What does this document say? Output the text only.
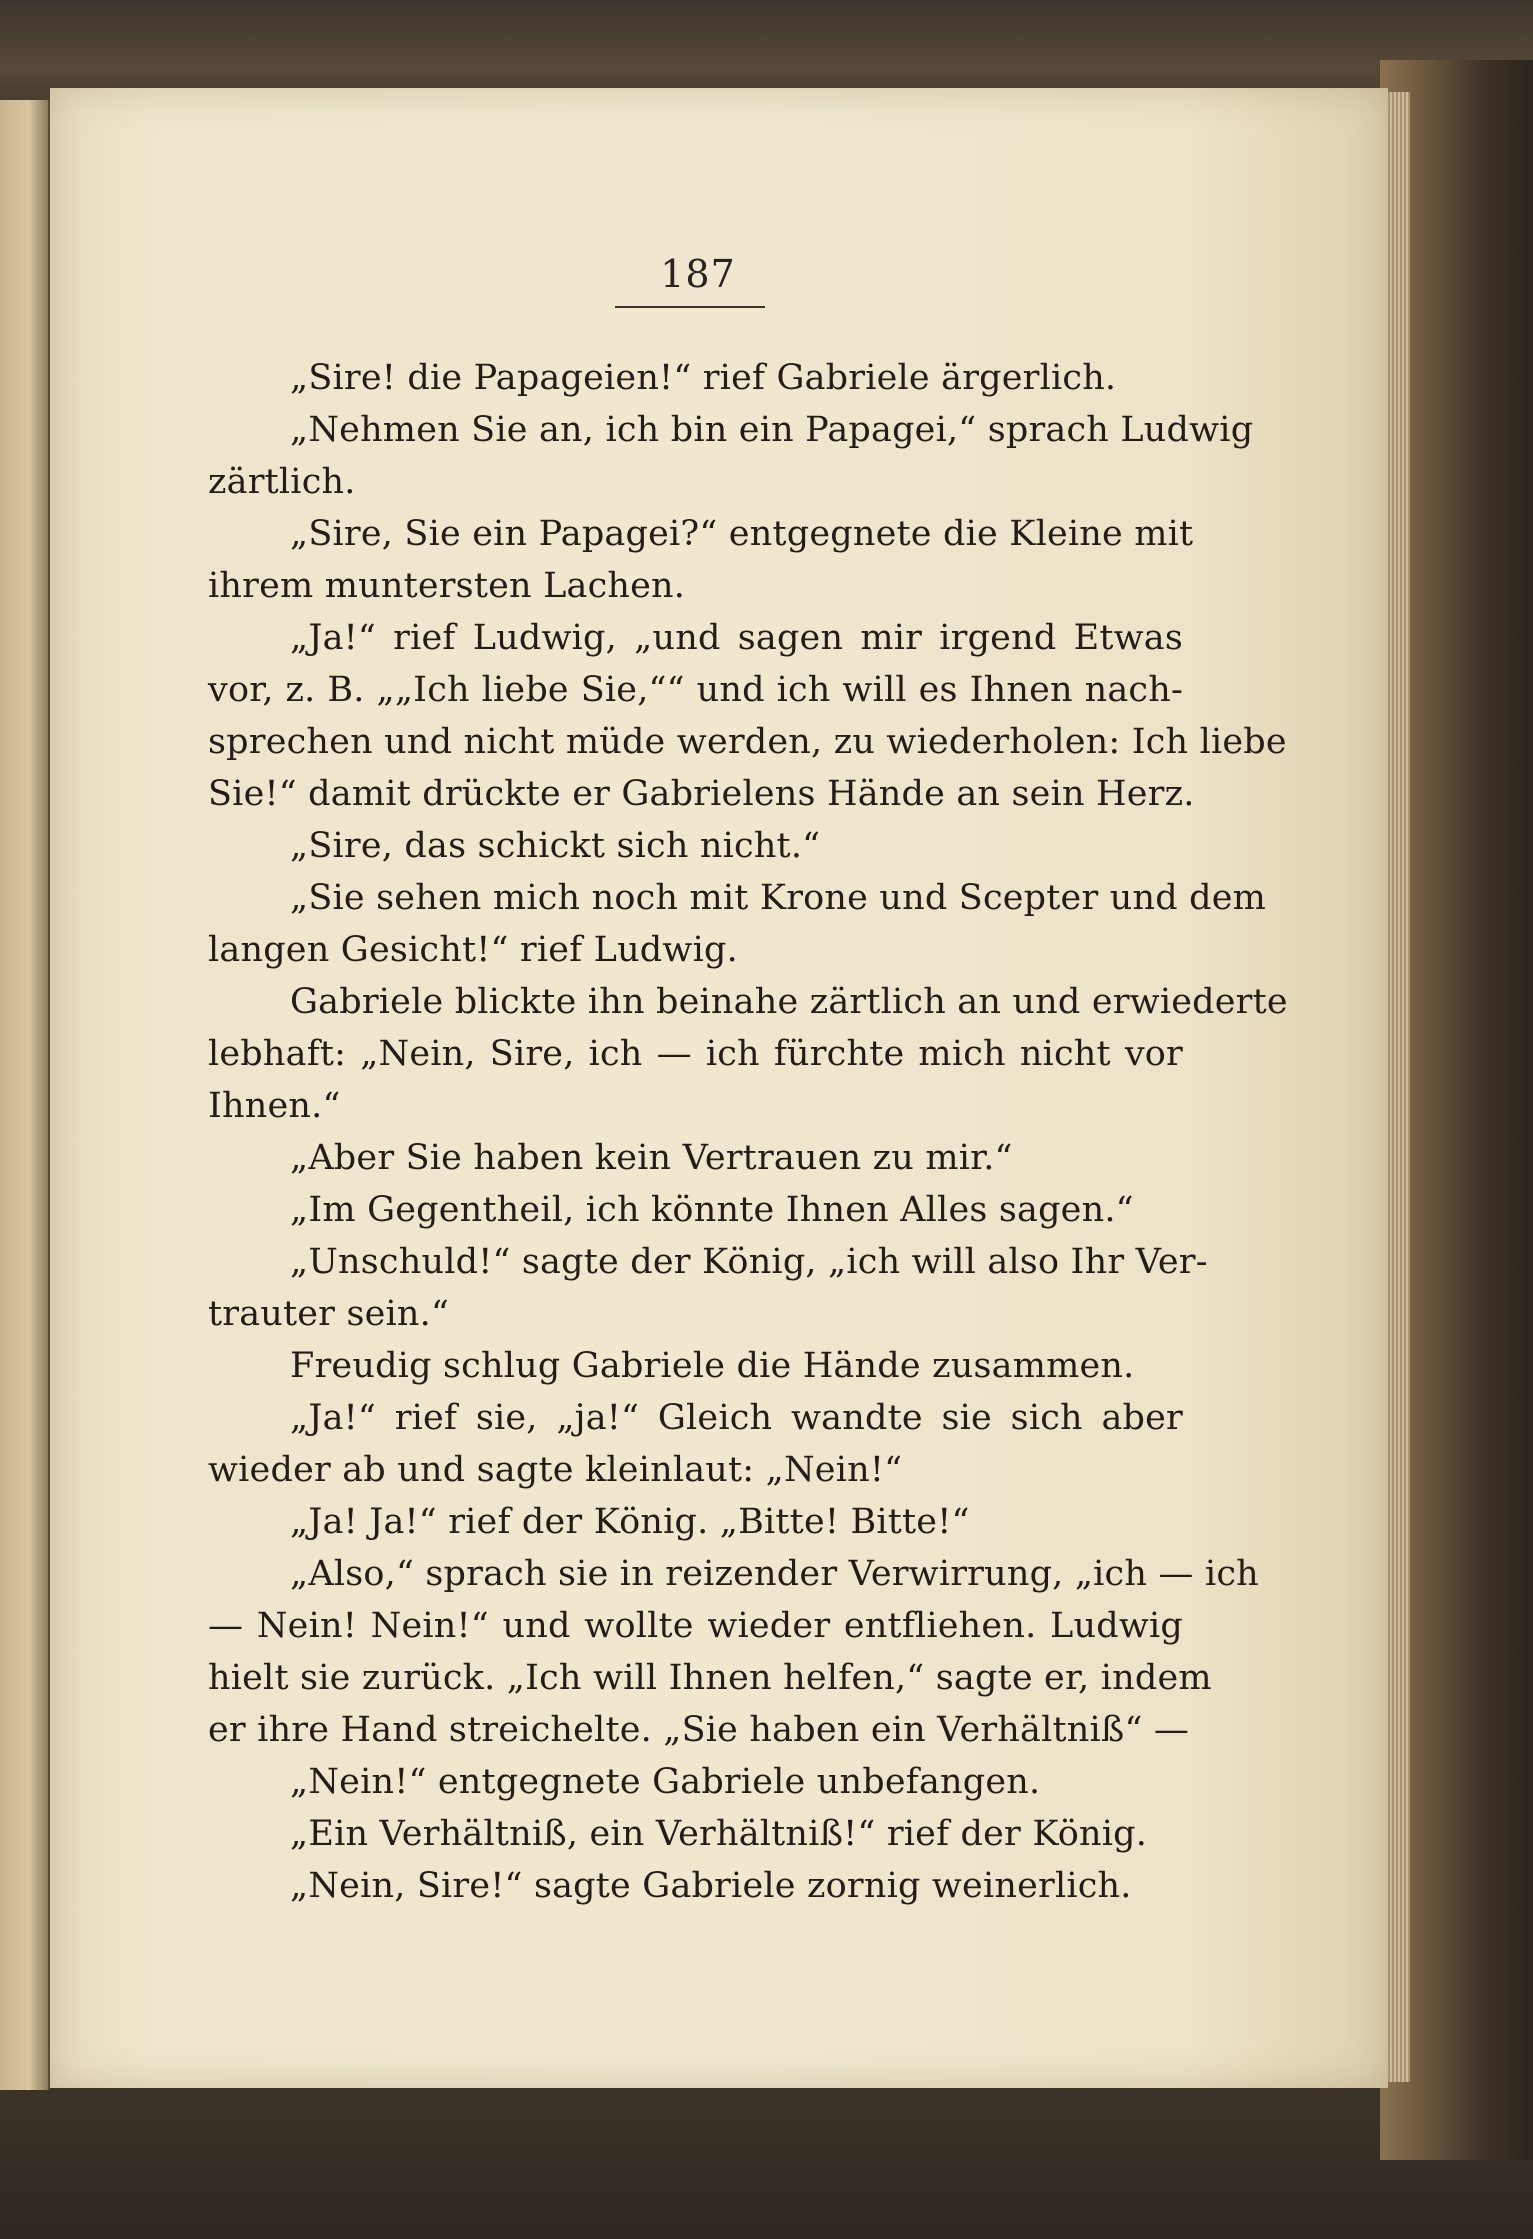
187
„Sire! die Papageien!“ rief Gabriele ärgerlich.
„Nehmen Sie an, ich bin ein Papagei,“ sprach Ludwig
zärtlich.
„Sire, Sie ein Papagei?“ entgegnete die Kleine mit
ihrem muntersten Lachen.
„Ja!“ rief Ludwig, „und sagen mir irgend Etwas
vor, z. B. „„Ich liebe Sie,““ und ich will es Ihnen nach-
sprechen und nicht müde werden, zu wiederholen: Ich liebe
Sie!“ damit drückte er Gabrielens Hände an sein Herz.
„Sire, das schickt sich nicht.“
„Sie sehen mich noch mit Krone und Scepter und dem
langen Gesicht!“ rief Ludwig.
Gabriele blickte ihn beinahe zärtlich an und erwiederte
lebhaft: „Nein, Sire, ich — ich fürchte mich nicht vor
Ihnen.“
„Aber Sie haben kein Vertrauen zu mir.“
„Im Gegentheil, ich könnte Ihnen Alles sagen.“
„Unschuld!“ sagte der König, „ich will also Ihr Ver-
trauter sein.“
Freudig schlug Gabriele die Hände zusammen.
„Ja!“ rief sie, „ja!“ Gleich wandte sie sich aber
wieder ab und sagte kleinlaut: „Nein!“
„Ja! Ja!“ rief der König. „Bitte! Bitte!“
„Also,“ sprach sie in reizender Verwirrung, „ich — ich
— Nein! Nein!“ und wollte wieder entfliehen. Ludwig
hielt sie zurück. „Ich will Ihnen helfen,“ sagte er, indem
er ihre Hand streichelte. „Sie haben ein Verhältniß“ —
„Nein!“ entgegnete Gabriele unbefangen.
„Ein Verhältniß, ein Verhältniß!“ rief der König.
„Nein, Sire!“ sagte Gabriele zornig weinerlich.
